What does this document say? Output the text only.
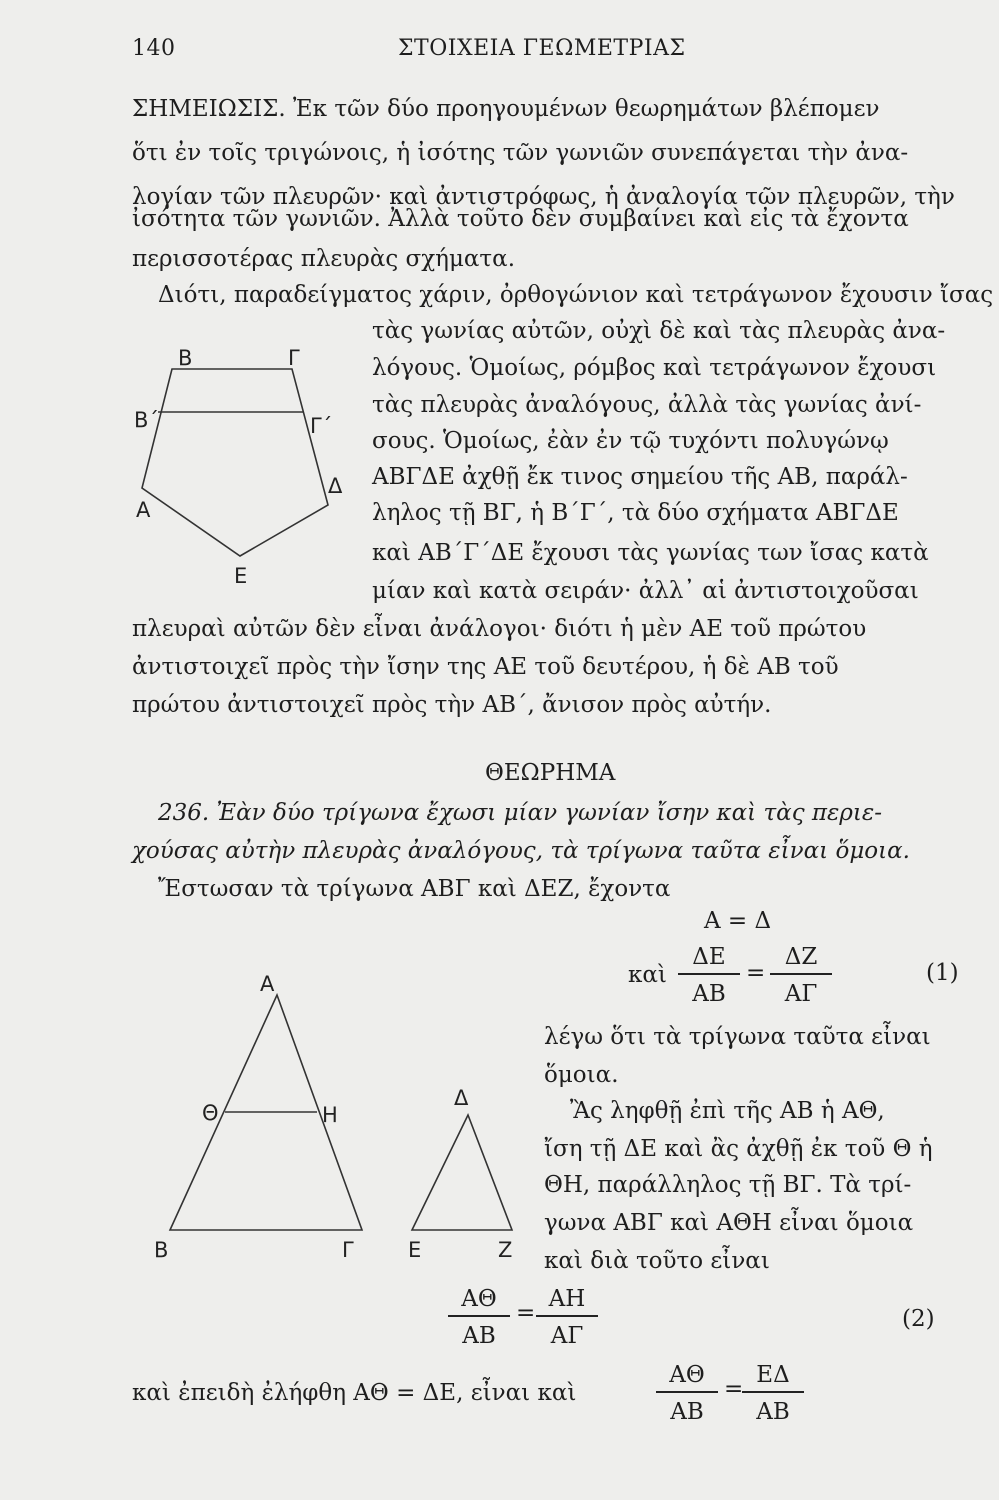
140	ΣΤΟΙΧΕΙΑ ΓΕΩΜΕΤΡΙΑΣ
ΣΗΜΕΙΩΣΙΣ. Ἐκ τῶν δύο προηγουμένων θεωρημάτων βλέπομεν
ὅτι ἐν τοῖς τριγώνοις, ἡ ἰσότης τῶν γωνιῶν συνεπάγεται τὴν ἀνα-
λογίαν τῶν πλευρῶν· καὶ ἀντιστρόφως, ἡ ἀναλογία τῶν πλευρῶν, τὴν
ἰσότητα τῶν γωνιῶν. Ἀλλὰ τοῦτο δὲν συμβαίνει καὶ εἰς τὰ ἔχοντα
περισσοτέρας πλευρὰς σχήματα.
Διότι, παραδείγματος χάριν, ὀρθογώνιον καὶ τετράγωνον ἔχουσιν ἴσας
τὰς γωνίας αὐτῶν, οὐχὶ δὲ καὶ τὰς πλευρὰς ἀνα-
λόγους. Ὁμοίως, ρόμβος καὶ τετράγωνον ἔχουσι
τὰς πλευρὰς ἀναλόγους, ἀλλὰ τὰς γωνίας ἀνί-
σους. Ὁμοίως, ἐὰν ἐν τῷ τυχόντι πολυγώνῳ
ΑΒΓΔΕ ἀχθῇ ἔκ τινος σημείου τῆς ΑΒ, παράλ-
ληλος τῇ ΒΓ, ἡ Β΄Γ΄, τὰ δύο σχήματα ΑΒΓΔΕ
καὶ ΑΒ΄Γ΄ΔΕ ἔχουσι τὰς γωνίας των ἴσας κατὰ
μίαν καὶ κατὰ σειράν· ἀλλ᾽ αἱ ἀντιστοιχοῦσαι
πλευραὶ αὐτῶν δὲν εἶναι ἀνάλογοι· διότι ἡ μὲν ΑΕ τοῦ πρώτου
ἀντιστοιχεῖ πρὸς τὴν ἴσην της ΑΕ τοῦ δευτέρου, ἡ δὲ ΑΒ τοῦ
πρώτου ἀντιστοιχεῖ πρὸς τὴν ΑΒ΄, ἄνισον πρὸς αὐτήν.
Β	Γ
Β΄	Γ΄
Α
Δ
Ε
ΘΕΩΡΗΜΑ
236. Ἐὰν δύο τρίγωνα ἔχωσι μίαν γωνίαν ἴσην καὶ τὰς περιε-
χούσας αὐτὴν πλευρὰς ἀναλόγους, τὰ τρίγωνα ταῦτα εἶναι ὅμοια.
Ἔστωσαν τὰ τρίγωνα ΑΒΓ καὶ ΔΕΖ, ἔχοντα
Α = Δ
καὶ $\frac{\Delta E}{AB} = \frac{\Delta Z}{A\Gamma}$	(1)
λέγω ὅτι τὰ τρίγωνα ταῦτα εἶναι
ὅμοια.
Ἂς ληφθῇ ἐπὶ τῆς ΑΒ ἡ ΑΘ,
ἴση τῇ ΔΕ καὶ ἂς ἀχθῇ ἐκ τοῦ Θ ἡ
ΘΗ, παράλληλος τῇ ΒΓ. Τὰ τρί-
γωνα ΑΒΓ καὶ ΑΘΗ εἶναι ὅμοια
καὶ διὰ τοῦτο εἶναι
$\frac{A\Theta}{AB} = \frac{AH}{A\Gamma}$	(2)
καὶ ἐπειδὴ ἐλήφθη ΑΘ = ΔΕ, εἶναι καὶ	$\frac{A\Theta}{AB}$ =
$\frac{E\Delta}{AB}$
Α
Θ	Η
Β	Γ
Δ
Ε	Ζ
